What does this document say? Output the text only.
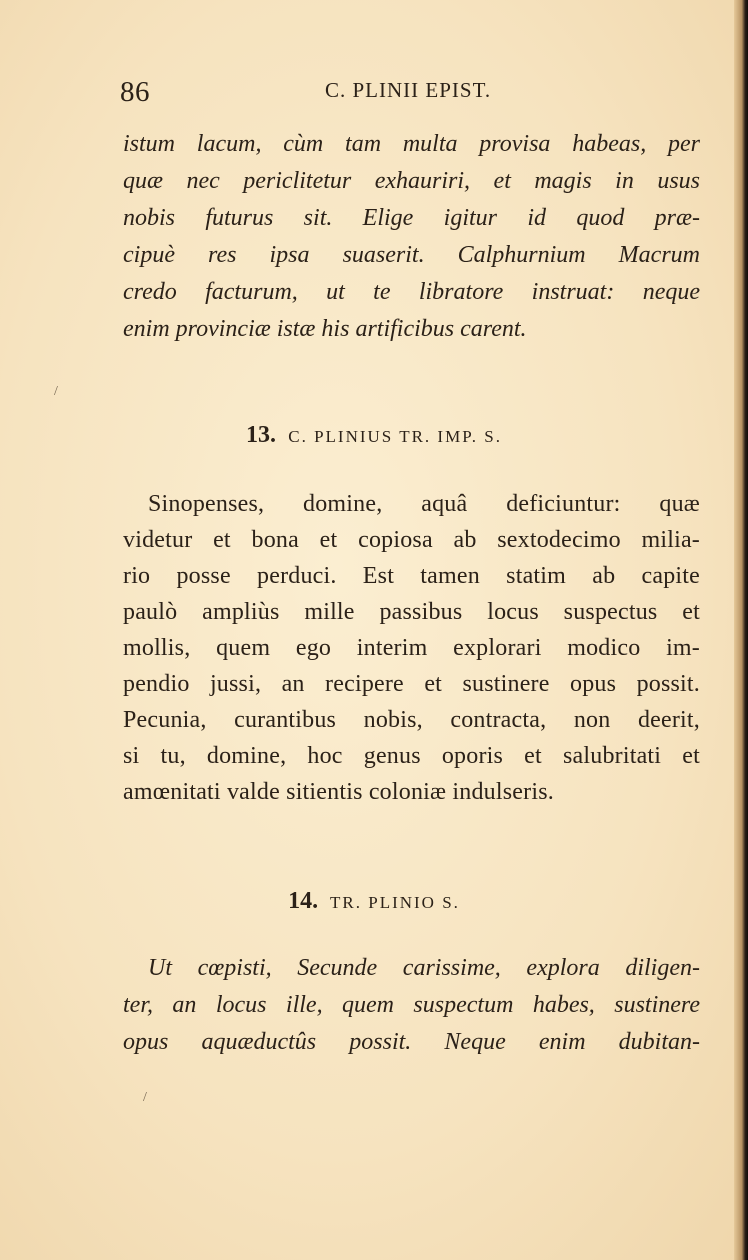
86	C. PLINII EPIST.
istum lacum, cùm tam multa provisa habeas, per
quæ nec periclitetur exhauriri, et magis in usus
nobis futurus sit. Elige igitur id quod præ-
cipuè res ipsa suaserit. Calphurnium Macrum
credo facturum, ut te libratore instruat: neque
enim provinciæ istæ his artificibus carent.
/
13. C. PLINIUS TR. IMP. S.
Sinopenses, domine, aquâ deficiuntur: quæ
videtur et bona et copiosa ab sextodecimo milia-
rio posse perduci. Est tamen statim ab capite
paulò ampliùs mille passibus locus suspectus et
mollis, quem ego interim explorari modico im-
pendio jussi, an recipere et sustinere opus possit.
Pecunia, curantibus nobis, contracta, non deerit,
si tu, domine, hoc genus oporis et salubritati et
amœnitati valde sitientis coloniæ indulseris.
14. TR. PLINIO S.
Ut cœpisti, Secunde carissime, explora diligen-
ter, an locus ille, quem suspectum habes, sustinere
opus aquæductûs possit. Neque enim dubitan-
/
